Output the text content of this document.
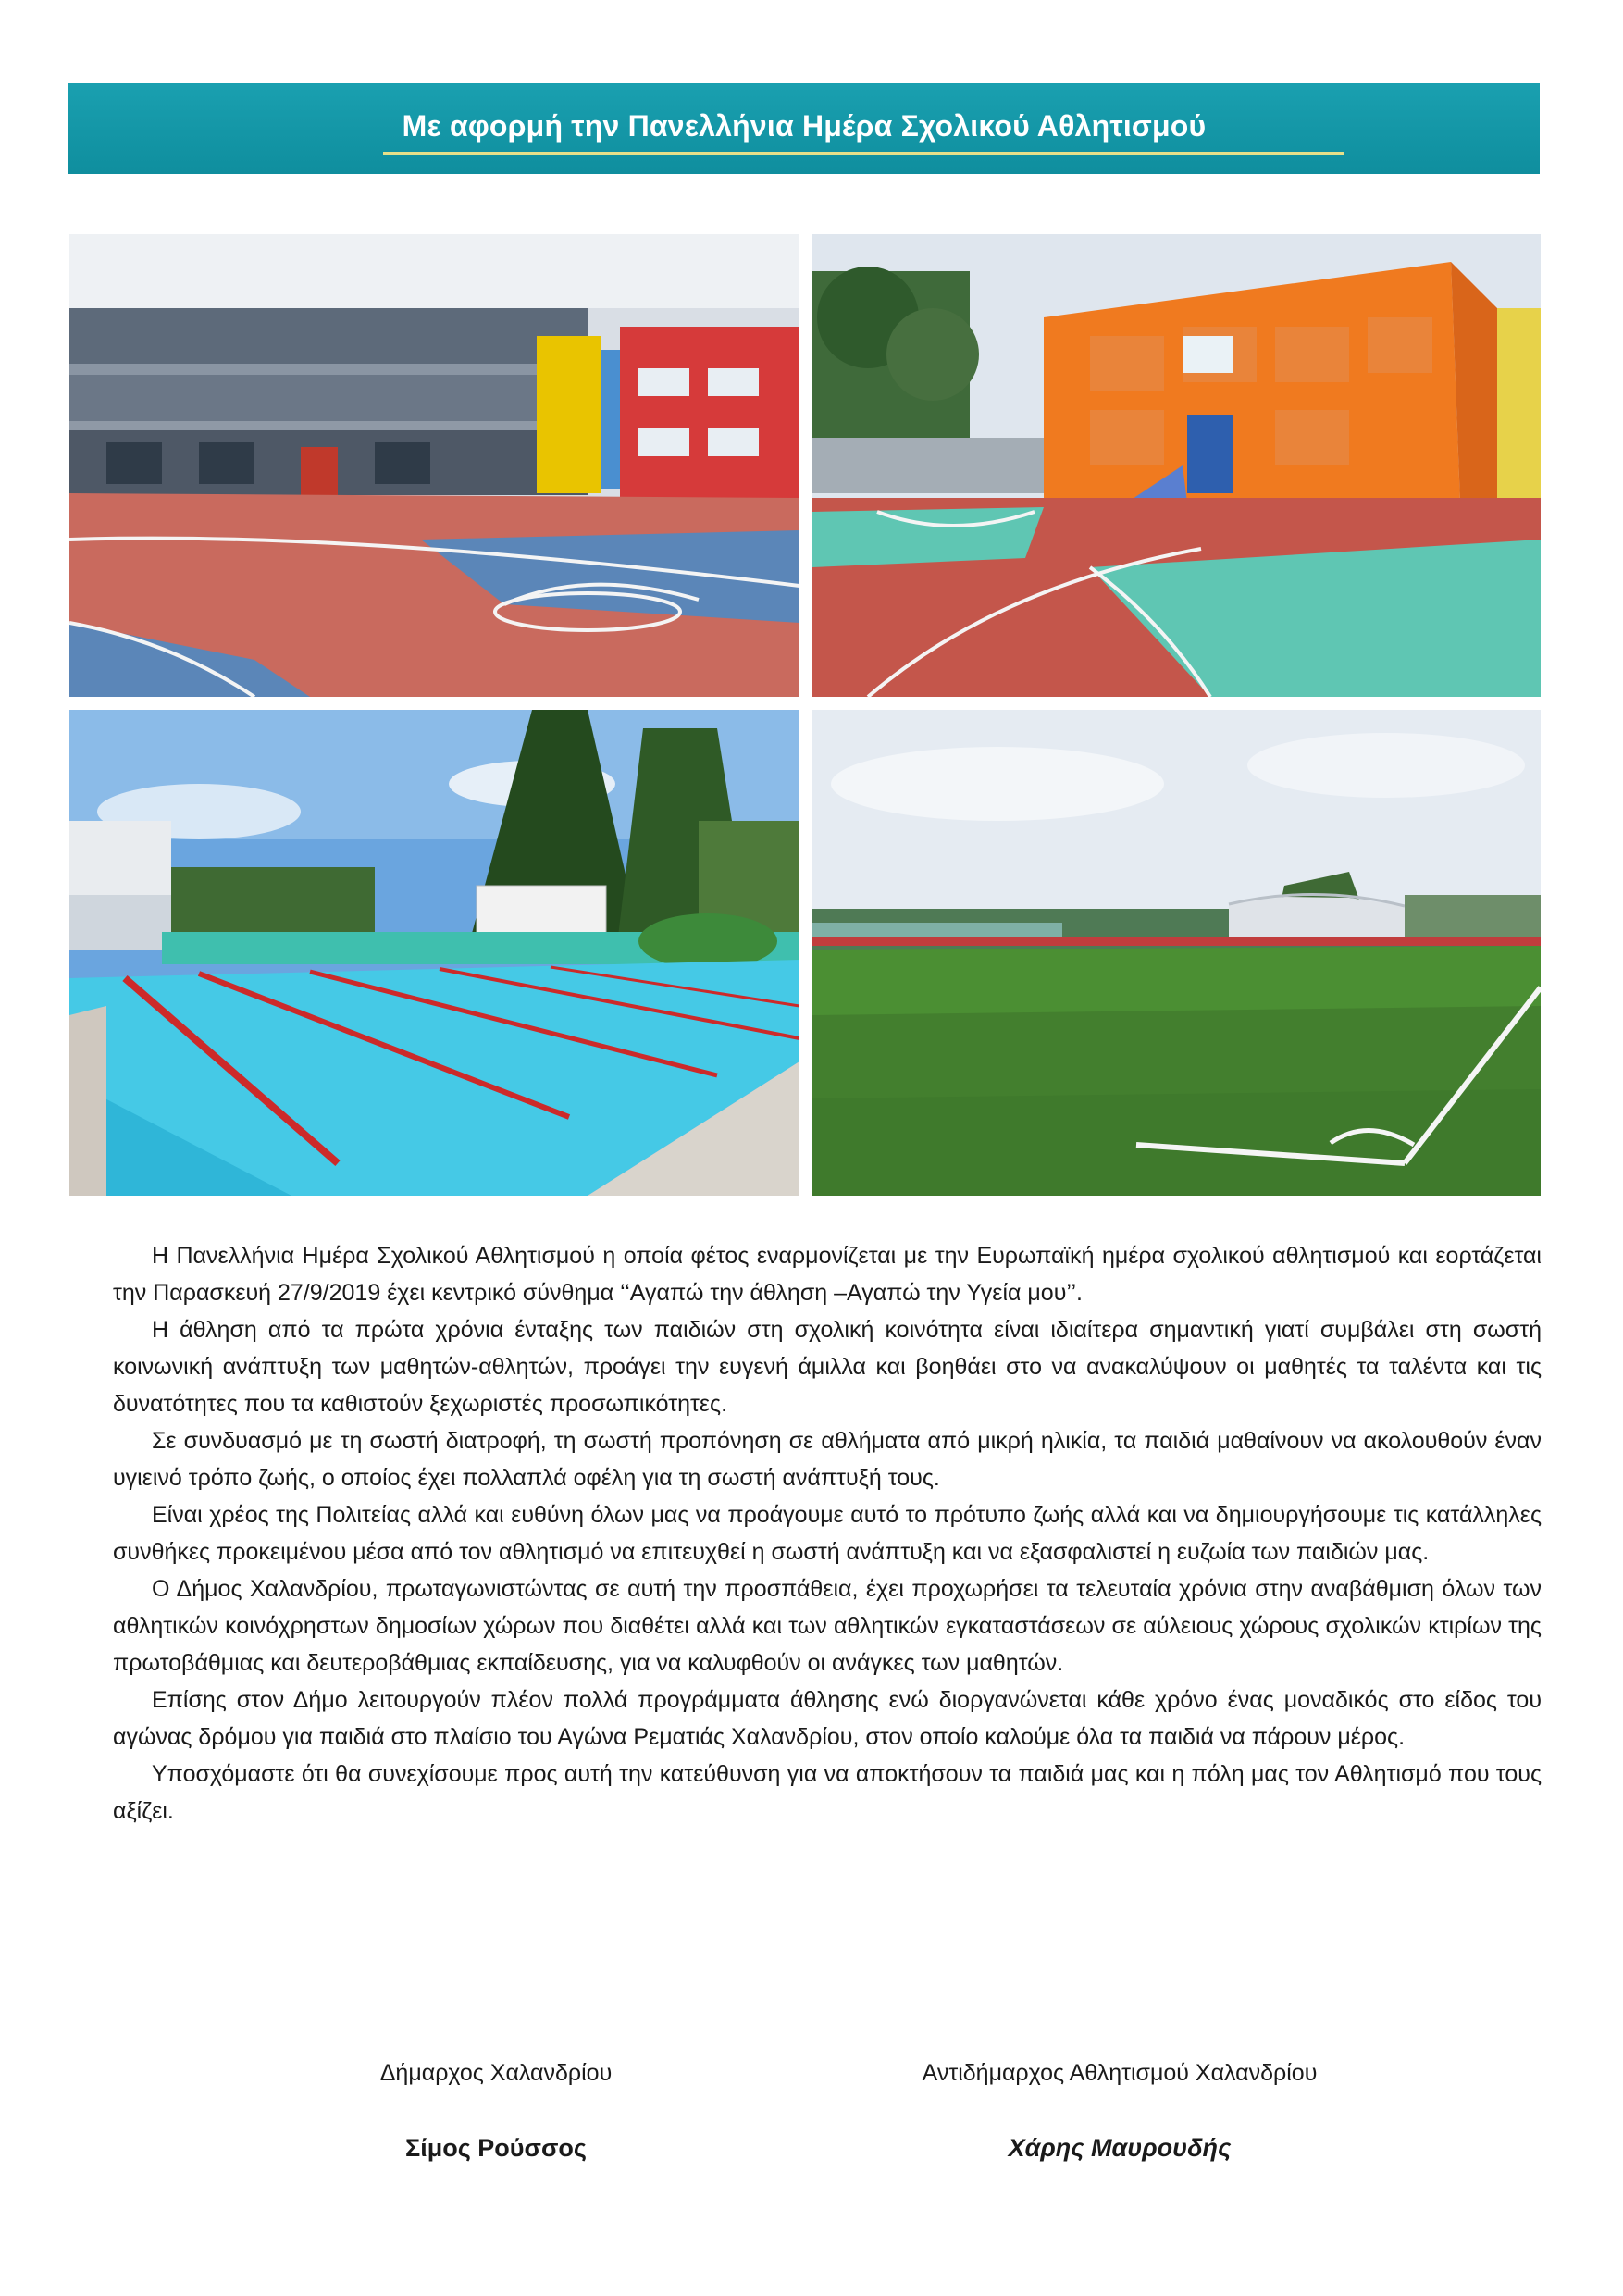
Με αφορμή την Πανελλήνια Ημέρα Σχολικού Αθλητισμού

Η Πανελλήνια Ημέρα Σχολικού Αθλητισμού η οποία φέτος εναρμονίζεται με την Ευρωπαϊκή ημέρα σχολικού αθλητισμού και εορτάζεται την Παρασκευή 27/9/2019 έχει κεντρικό σύνθημα ‘‘Αγαπώ την άθληση –Αγαπώ την Υγεία μου’’.

Η άθληση από τα πρώτα χρόνια ένταξης των παιδιών στη σχολική κοινότητα είναι ιδιαίτερα σημαντική γιατί συμβάλει στη σωστή κοινωνική ανάπτυξη των μαθητών-αθλητών, προάγει την ευγενή άμιλλα και βοηθάει στο να ανακαλύψουν οι μαθητές τα ταλέντα και τις δυνατότητες που τα καθιστούν ξεχωριστές προσωπικότητες.

Σε συνδυασμό με τη σωστή διατροφή, τη σωστή προπόνηση σε αθλήματα από μικρή ηλικία, τα παιδιά μαθαίνουν να ακολουθούν έναν υγιεινό τρόπο ζωής, ο οποίος έχει πολλαπλά οφέλη για τη σωστή ανάπτυξή τους.

Είναι χρέος της Πολιτείας αλλά και ευθύνη όλων μας να προάγουμε αυτό το πρότυπο ζωής αλλά και να δημιουργήσουμε τις κατάλληλες συνθήκες προκειμένου μέσα από τον αθλητισμό να επιτευχθεί η σωστή ανάπτυξη και να εξασφαλιστεί η ευζωία των παιδιών μας.

Ο Δήμος Χαλανδρίου, πρωταγωνιστώντας σε αυτή την προσπάθεια, έχει προχωρήσει τα τελευταία χρόνια στην αναβάθμιση όλων των αθλητικών κοινόχρηστων δημοσίων χώρων που διαθέτει αλλά και των αθλητικών εγκαταστάσεων σε αύλειους χώρους σχολικών κτιρίων της πρωτοβάθμιας και δευτεροβάθμιας εκπαίδευσης, για να καλυφθούν οι ανάγκες των μαθητών.

Επίσης στον Δήμο λειτουργούν πλέον πολλά προγράμματα άθλησης ενώ διοργανώνεται κάθε χρόνο ένας μοναδικός στο είδος του αγώνας δρόμου για παιδιά στο πλαίσιο του Αγώνα Ρεματιάς Χαλανδρίου, στον οποίο καλούμε όλα τα παιδιά να πάρουν μέρος.

Υποσχόμαστε ότι θα συνεχίσουμε προς αυτή την κατεύθυνση για να αποκτήσουν τα παιδιά μας και η πόλη μας τον Αθλητισμό που τους αξίζει.

Δήμαρχος Χαλανδρίου
Σίμος Ρούσσος
Αντιδήμαρχος Αθλητισμού Χαλανδρίου
Χάρης Μαυρουδής
